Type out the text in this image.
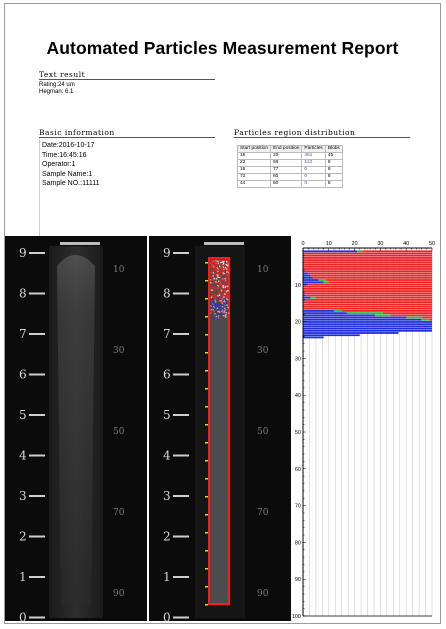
Automated Particles Measurement Report
Text result
Rating:24 um
Hegman: 6.1
Basic information
Date:2016-10-17
Time:16:45:16
Operator:1
Sample Name:1
Sample NO.:11111
Particles region distribution
Start position	End position	Particles	Blobs
15	20	451	45
22	58	113	9
16	77	0	8
72	80	0	8
44	60	0	8
9
8
7
6
5
4
3
2
1
0
10
30
50
70
90
9
8
7
6
5
4
3
2
1
0
10
30
50
70
90
0	10	20	30	40	50
10
20
30
40
50
60
70
80
90
100
